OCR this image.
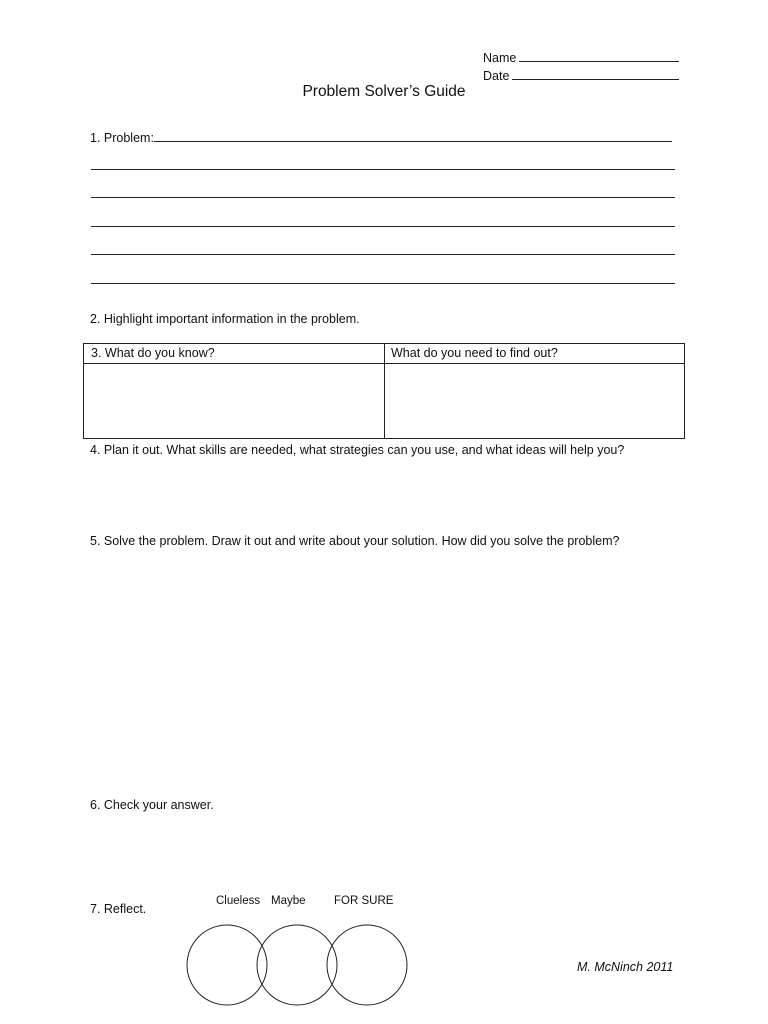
Name
Date
Problem Solver’s Guide
1. Problem:
2. Highlight important information in the problem.
3. What do you know?	What do you need to find out?
4. Plan it out. What skills are needed, what strategies can you use, and what ideas will help you?
5. Solve the problem. Draw it out and write about your solution. How did you solve the problem?
6. Check your answer.
7. Reflect.
Clueless Maybe FOR SURE
M. McNinch 2011
